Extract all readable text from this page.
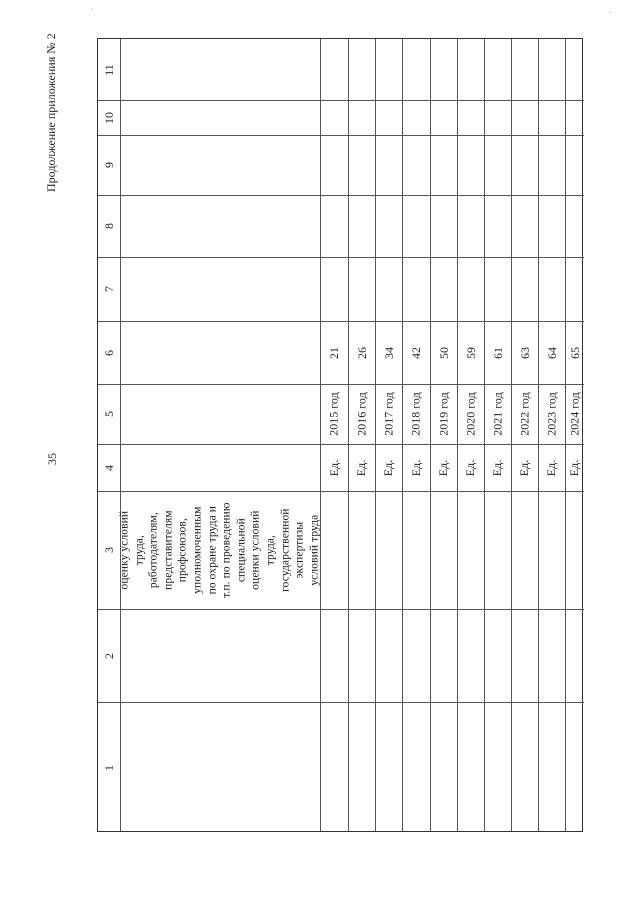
Продолжение приложения № 2
35
11
10
9
8
7
6
5
4
3
2
1
оценку условий
труда,
работодателям,
представителям
профсоюзов,
уполномоченным
по охране труда и
т.п. по проведению
специальной
оценки условий
труда,
государственной
экспертизы
условий труда
Ед.
2015 год
21
Ед.
2016 год
26
Ед.
2017 год
34
Ед.
2018 год
42
Ед.
2019 год
50
Ед.
2020 год
59
Ед.
2021 год
61
Ед.
2022 год
63
Ед.
2023 год
64
Ед.
2024 год
65
